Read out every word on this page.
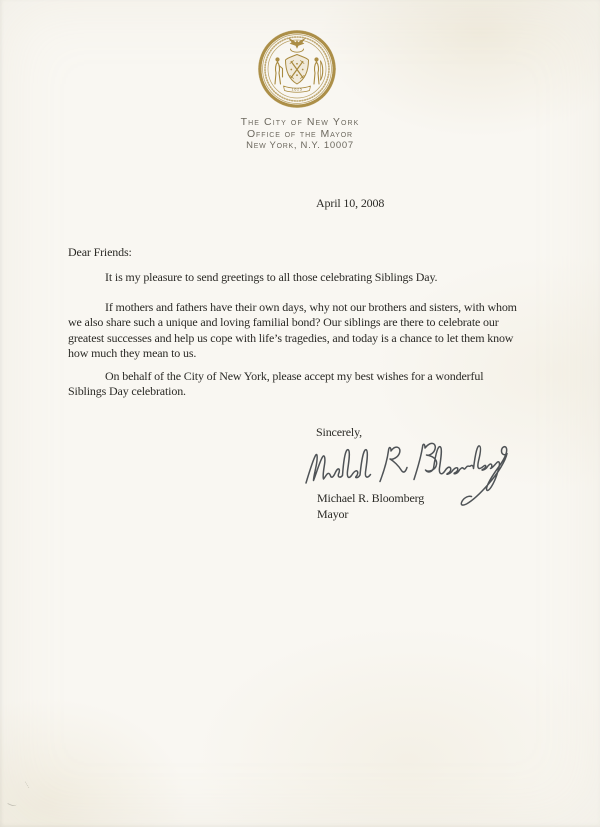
1625
The City of New York
Office of the Mayor
New York, N.Y. 10007
April 10, 2008
Dear Friends:
It is my pleasure to send greetings to all those celebrating Siblings Day.
If mothers and fathers have their own days, why not our brothers and sisters, with whom
we also share such a unique and loving familial bond? Our siblings are there to celebrate our
greatest successes and help us cope with life’s tragedies, and today is a chance to let them know
how much they mean to us.
On behalf of the City of New York, please accept my best wishes for a wonderful
Siblings Day celebration.
Sincerely,
Michael R. Bloomberg
Mayor
